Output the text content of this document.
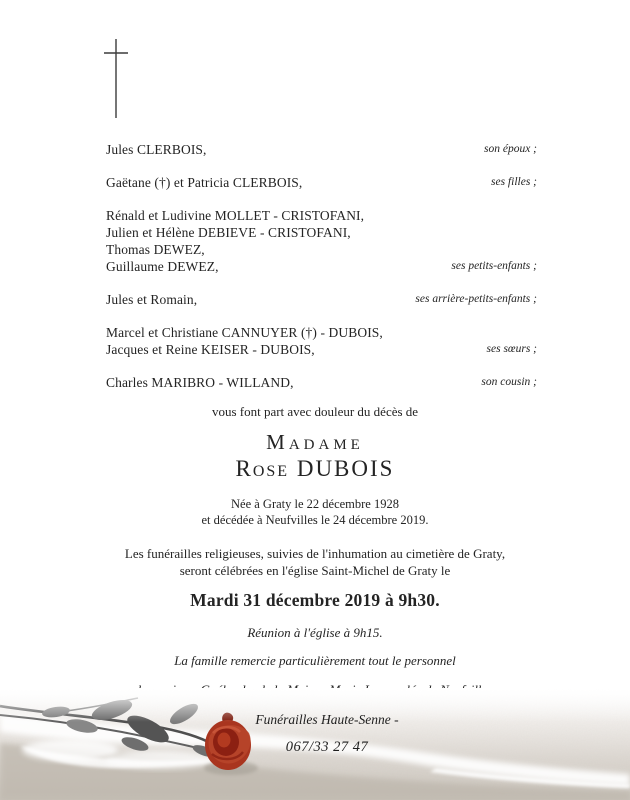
Jules CLERBOIS,	son époux ;
Gaëtane (†) et Patricia CLERBOIS,	ses filles ;
Rénald et Ludivine MOLLET - CRISTOFANI,
Julien et Hélène DEBIEVE - CRISTOFANI,
Thomas DEWEZ,
Guillaume DEWEZ,	ses petits-enfants ;
Jules et Romain,	ses arrière-petits-enfants ;
Marcel et Christiane CANNUYER (†) - DUBOIS,
Jacques et Reine KEISER - DUBOIS,	ses sœurs ;
Charles MARIBRO - WILLAND,	son cousin ;
vous font part avec douleur du décès de
Madame
Rose DUBOIS
Née à Graty le 22 décembre 1928
et décédée à Neufvilles le 24 décembre 2019.
Les funérailles religieuses, suivies de l'inhumation au cimetière de Graty,
seront célébrées en l'église Saint-Michel de Graty le
Mardi 31 décembre 2019 à 9h30.
Réunion à l'église à 9h15.
La famille remercie particulièrement tout le personnel
Funérailles Haute-Senne -
067/33 27 47
